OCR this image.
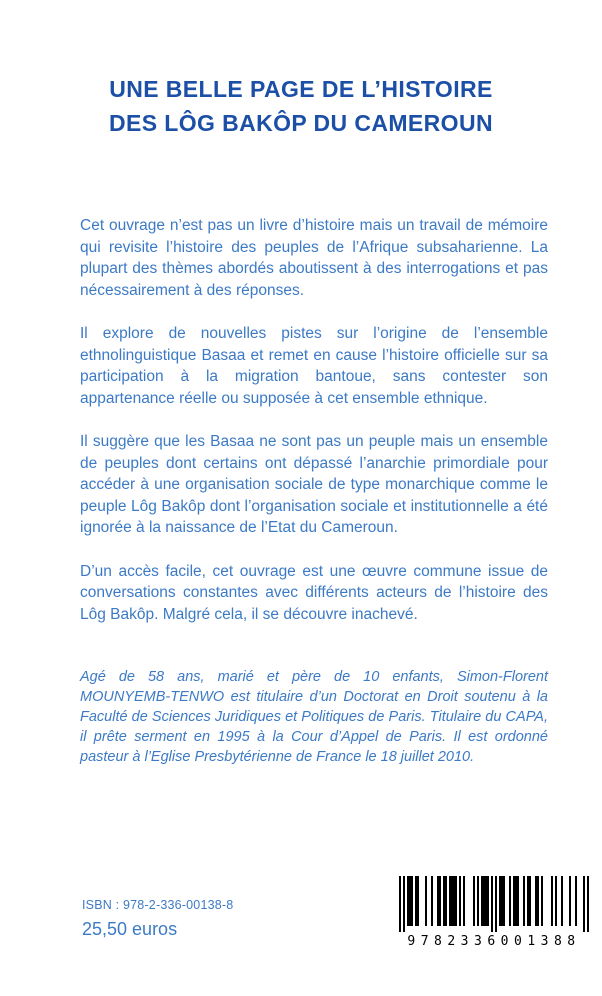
UNE BELLE PAGE DE L’HISTOIRE
DES LÔG BAKÔP DU CAMEROUN

Cet ouvrage n’est pas un livre d’histoire mais un travail de mémoire qui revisite l’histoire des peuples de l’Afrique subsaharienne. La plupart des thèmes abordés aboutissent à des interrogations et pas nécessairement à des réponses.

Il explore de nouvelles pistes sur l’origine de l’ensemble ethnolinguistique Basaa et remet en cause l’histoire officielle sur sa participation à la migration bantoue, sans contester son appartenance réelle ou supposée à cet ensemble ethnique.

Il suggère que les Basaa ne sont pas un peuple mais un ensemble de peuples dont certains ont dépassé l’anarchie primordiale pour accéder à une organisation sociale de type monarchique comme le peuple Lôg Bakôp dont l’organisation sociale et institutionnelle a été ignorée à la naissance de l’Etat du Cameroun.

D’un accès facile, cet ouvrage est une œuvre commune issue de conversations constantes avec différents acteurs de l’histoire des Lôg Bakôp. Malgré cela, il se découvre inachevé.

Agé de 58 ans, marié et père de 10 enfants, Simon-Florent MOUNYEMB-TENWO est titulaire d’un Doctorat en Droit soutenu à la Faculté de Sciences Juridiques et Politiques de Paris. Titulaire du CAPA, il prête serment en 1995 à la Cour d’Appel de Paris. Il est ordonné pasteur à l’Eglise Presbytérienne de France le 18 juillet 2010.
ISBN : 978-2-336-00138-8
25,50 euros
9782336001388
